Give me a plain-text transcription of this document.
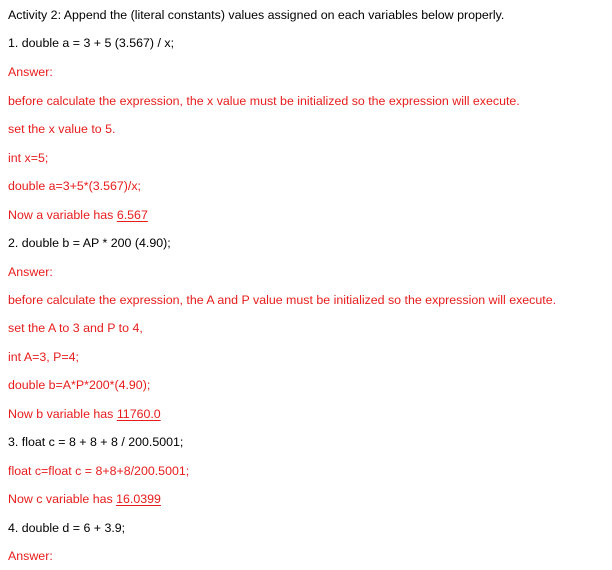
Activity 2: Append the (literal constants) values assigned on each variables below properly.
1. double a = 3 + 5 (3.567) / x;
Answer:
before calculate the expression, the x value must be initialized so the expression will execute.
set the x value to 5.
int x=5;
double a=3+5*(3.567)/x;
Now a variable has 6.567
2. double b = AP * 200 (4.90);
Answer:
before calculate the expression, the A and P value must be initialized so the expression will execute.
set the A to 3 and P to 4,
int A=3, P=4;
double b=A*P*200*(4.90);
Now b variable has 11760.0
3. float c = 8 + 8 + 8 / 200.5001;
float c=float c = 8+8+8/200.5001;
Now c variable has 16.0399
4. double d = 6 + 3.9;
Answer:
